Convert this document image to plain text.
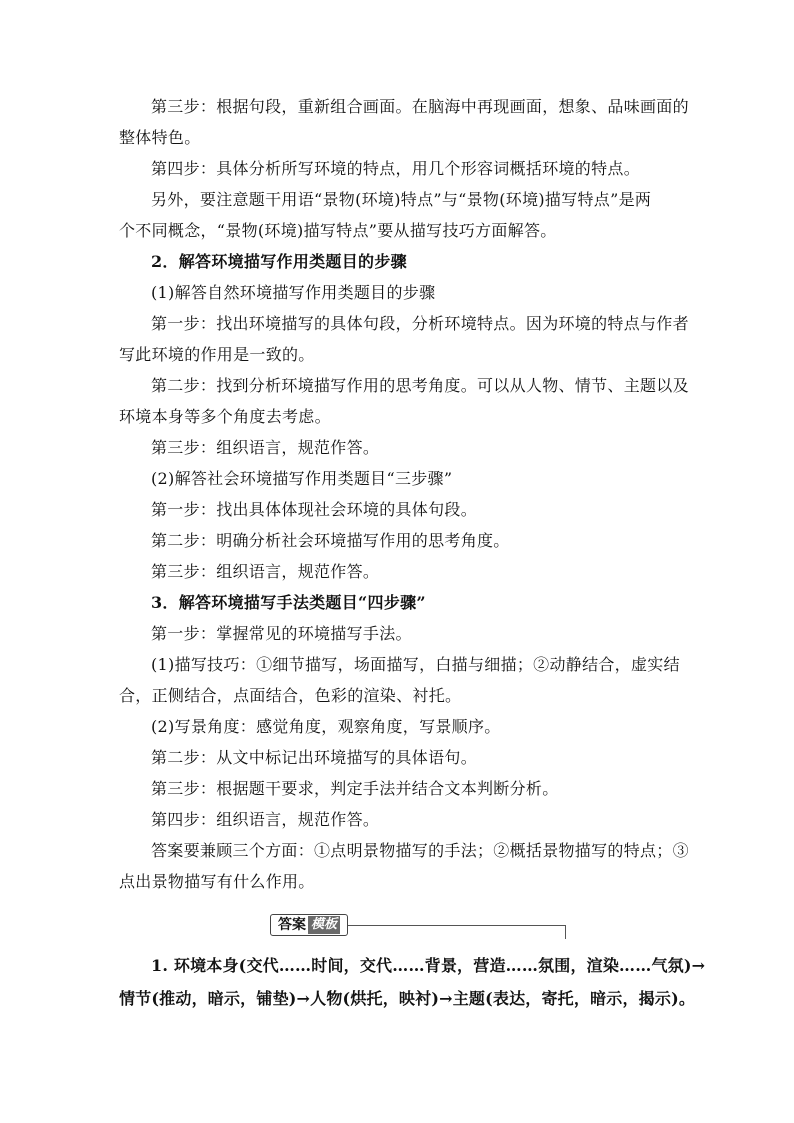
第三步：根据句段，重新组合画面。在脑海中再现画面，想象、品味画面的
整体特色。
第四步：具体分析所写环境的特点，用几个形容词概括环境的特点。
另外，要注意题干用语“景物(环境)特点”与“景物(环境)描写特点”是两
个不同概念，“景物(环境)描写特点”要从描写技巧方面解答。
2．解答环境描写作用类题目的步骤
(1)解答自然环境描写作用类题目的步骤
第一步：找出环境描写的具体句段，分析环境特点。因为环境的特点与作者
写此环境的作用是一致的。
第二步：找到分析环境描写作用的思考角度。可以从人物、情节、主题以及
环境本身等多个角度去考虑。
第三步：组织语言，规范作答。
(2)解答社会环境描写作用类题目“三步骤”
第一步：找出具体体现社会环境的具体句段。
第二步：明确分析社会环境描写作用的思考角度。
第三步：组织语言，规范作答。
3．解答环境描写手法类题目“四步骤”
第一步：掌握常见的环境描写手法。
(1)描写技巧：①细节描写，场面描写，白描与细描；②动静结合，虚实结
合，正侧结合，点面结合，色彩的渲染、衬托。
(2)写景角度：感觉角度，观察角度，写景顺序。
第二步：从文中标记出环境描写的具体语句。
第三步：根据题干要求，判定手法并结合文本判断分析。
第四步：组织语言，规范作答。
答案要兼顾三个方面：①点明景物描写的手法；②概括景物描写的特点；③
点出景物描写有什么作用。
答案 模板
1. 环境本身(交代……时间，交代……背景，营造……氛围，渲染……气氛)→
情节(推动，暗示，铺垫)→人物(烘托，映衬)→主题(表达，寄托，暗示，揭示)。
